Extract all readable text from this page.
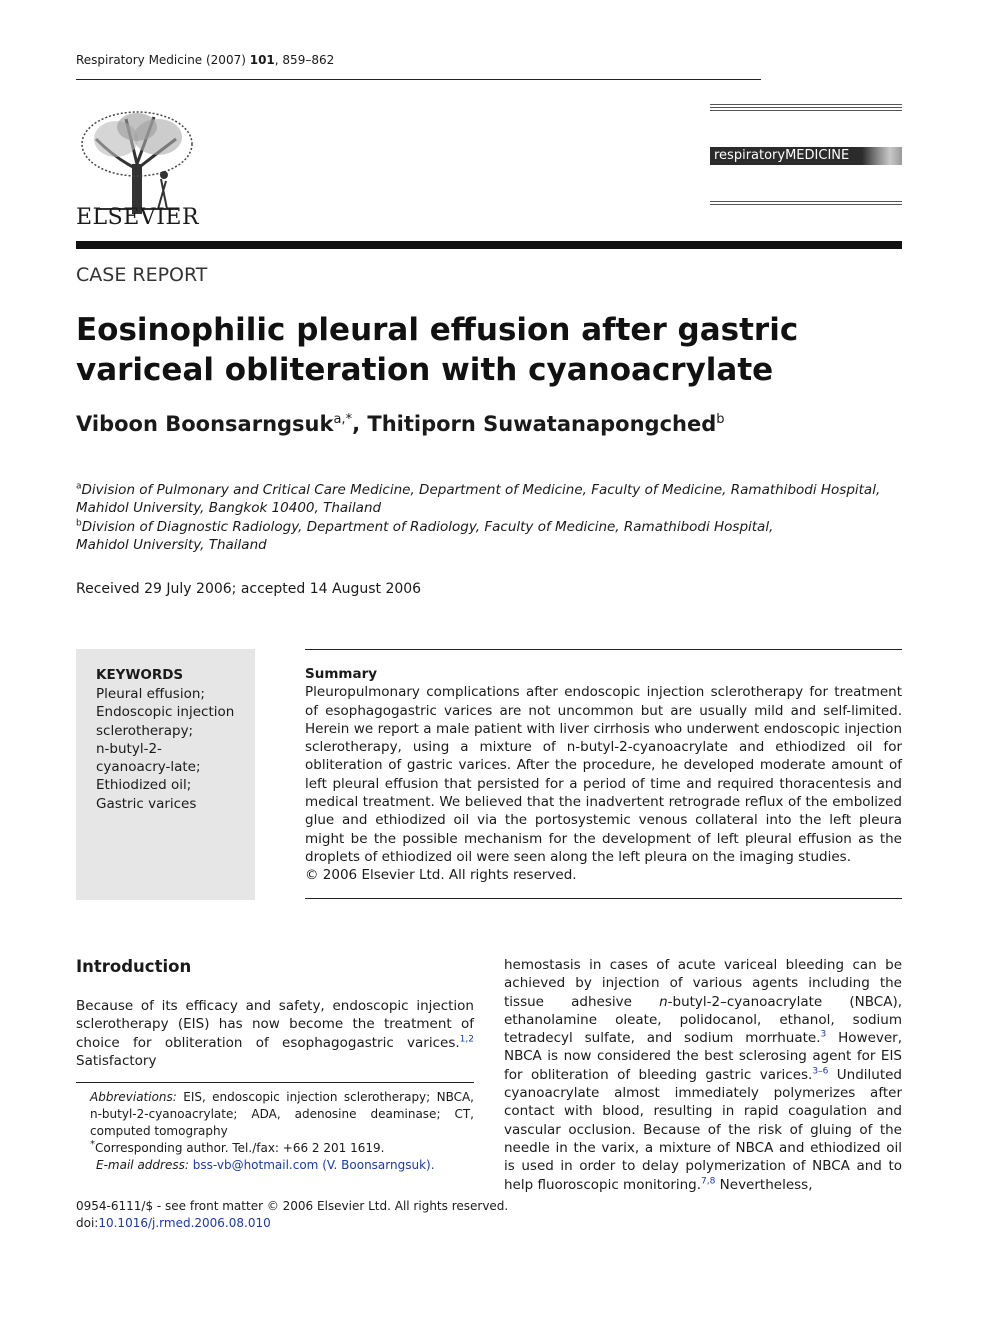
Respiratory Medicine (2007) 101, 859–862
ELSEVIER
respiratoryMEDICINE
CASE REPORT
Eosinophilic pleural effusion after gastric variceal obliteration with cyanoacrylate
Viboon Boonsarngsuk$^{a,*}$, Thitiporn Suwatanapongched$^b$
$^a$Division of Pulmonary and Critical Care Medicine, Department of Medicine, Faculty of Medicine, Ramathibodi Hospital, Mahidol University, Bangkok 10400, Thailand
$^b$Division of Diagnostic Radiology, Department of Radiology, Faculty of Medicine, Ramathibodi Hospital, Mahidol University, Thailand
Received 29 July 2006; accepted 14 August 2006
KEYWORDS
Pleural effusion;
Endoscopic injection sclerotherapy;
n-butyl-2-cyanoacry-late;
Ethiodized oil;
Gastric varices
Summary
Pleuropulmonary complications after endoscopic injection sclerotherapy for treatment of esophagogastric varices are not uncommon but are usually mild and self-limited. Herein we report a male patient with liver cirrhosis who underwent endoscopic injection sclerotherapy, using a mixture of n-butyl-2-cyanoacrylate and ethiodized oil for obliteration of gastric varices. After the procedure, he developed moderate amount of left pleural effusion that persisted for a period of time and required thoracentesis and medical treatment. We believed that the inadvertent retrograde reflux of the embolized glue and ethiodized oil via the portosystemic venous collateral into the left pleura might be the possible mechanism for the development of left pleural effusion as the droplets of ethiodized oil were seen along the left pleura on the imaging studies.
© 2006 Elsevier Ltd. All rights reserved.
Introduction
Because of its efficacy and safety, endoscopic injection sclerotherapy (EIS) has now become the treatment of choice for obliteration of esophagogastric varices.$^{1,2}$ Satisfactory
hemostasis in cases of acute variceal bleeding can be achieved by injection of various agents including the tissue adhesive n-butyl-2–cyanoacrylate (NBCA), ethanolamine oleate, polidocanol, ethanol, sodium tetradecyl sulfate, and sodium morrhuate.$^3$ However, NBCA is now considered the best sclerosing agent for EIS for obliteration of bleeding gastric varices.$^{3-6}$ Undiluted cyanoacrylate almost immediately polymerizes after contact with blood, resulting in rapid coagulation and vascular occlusion. Because of the risk of gluing of the needle in the varix, a mixture of NBCA and ethiodized oil is used in order to delay polymerization of NBCA and to help fluoroscopic monitoring.$^{7,8}$ Nevertheless,
Abbreviations: EIS, endoscopic injection sclerotherapy; NBCA, n-butyl-2-cyanoacrylate; ADA, adenosine deaminase; CT, computed tomography
*Corresponding author. Tel./fax: +66 2 201 1619.
E-mail address: bss-vb@hotmail.com (V. Boonsarngsuk).
0954-6111/$ - see front matter © 2006 Elsevier Ltd. All rights reserved.
doi:10.1016/j.rmed.2006.08.010
